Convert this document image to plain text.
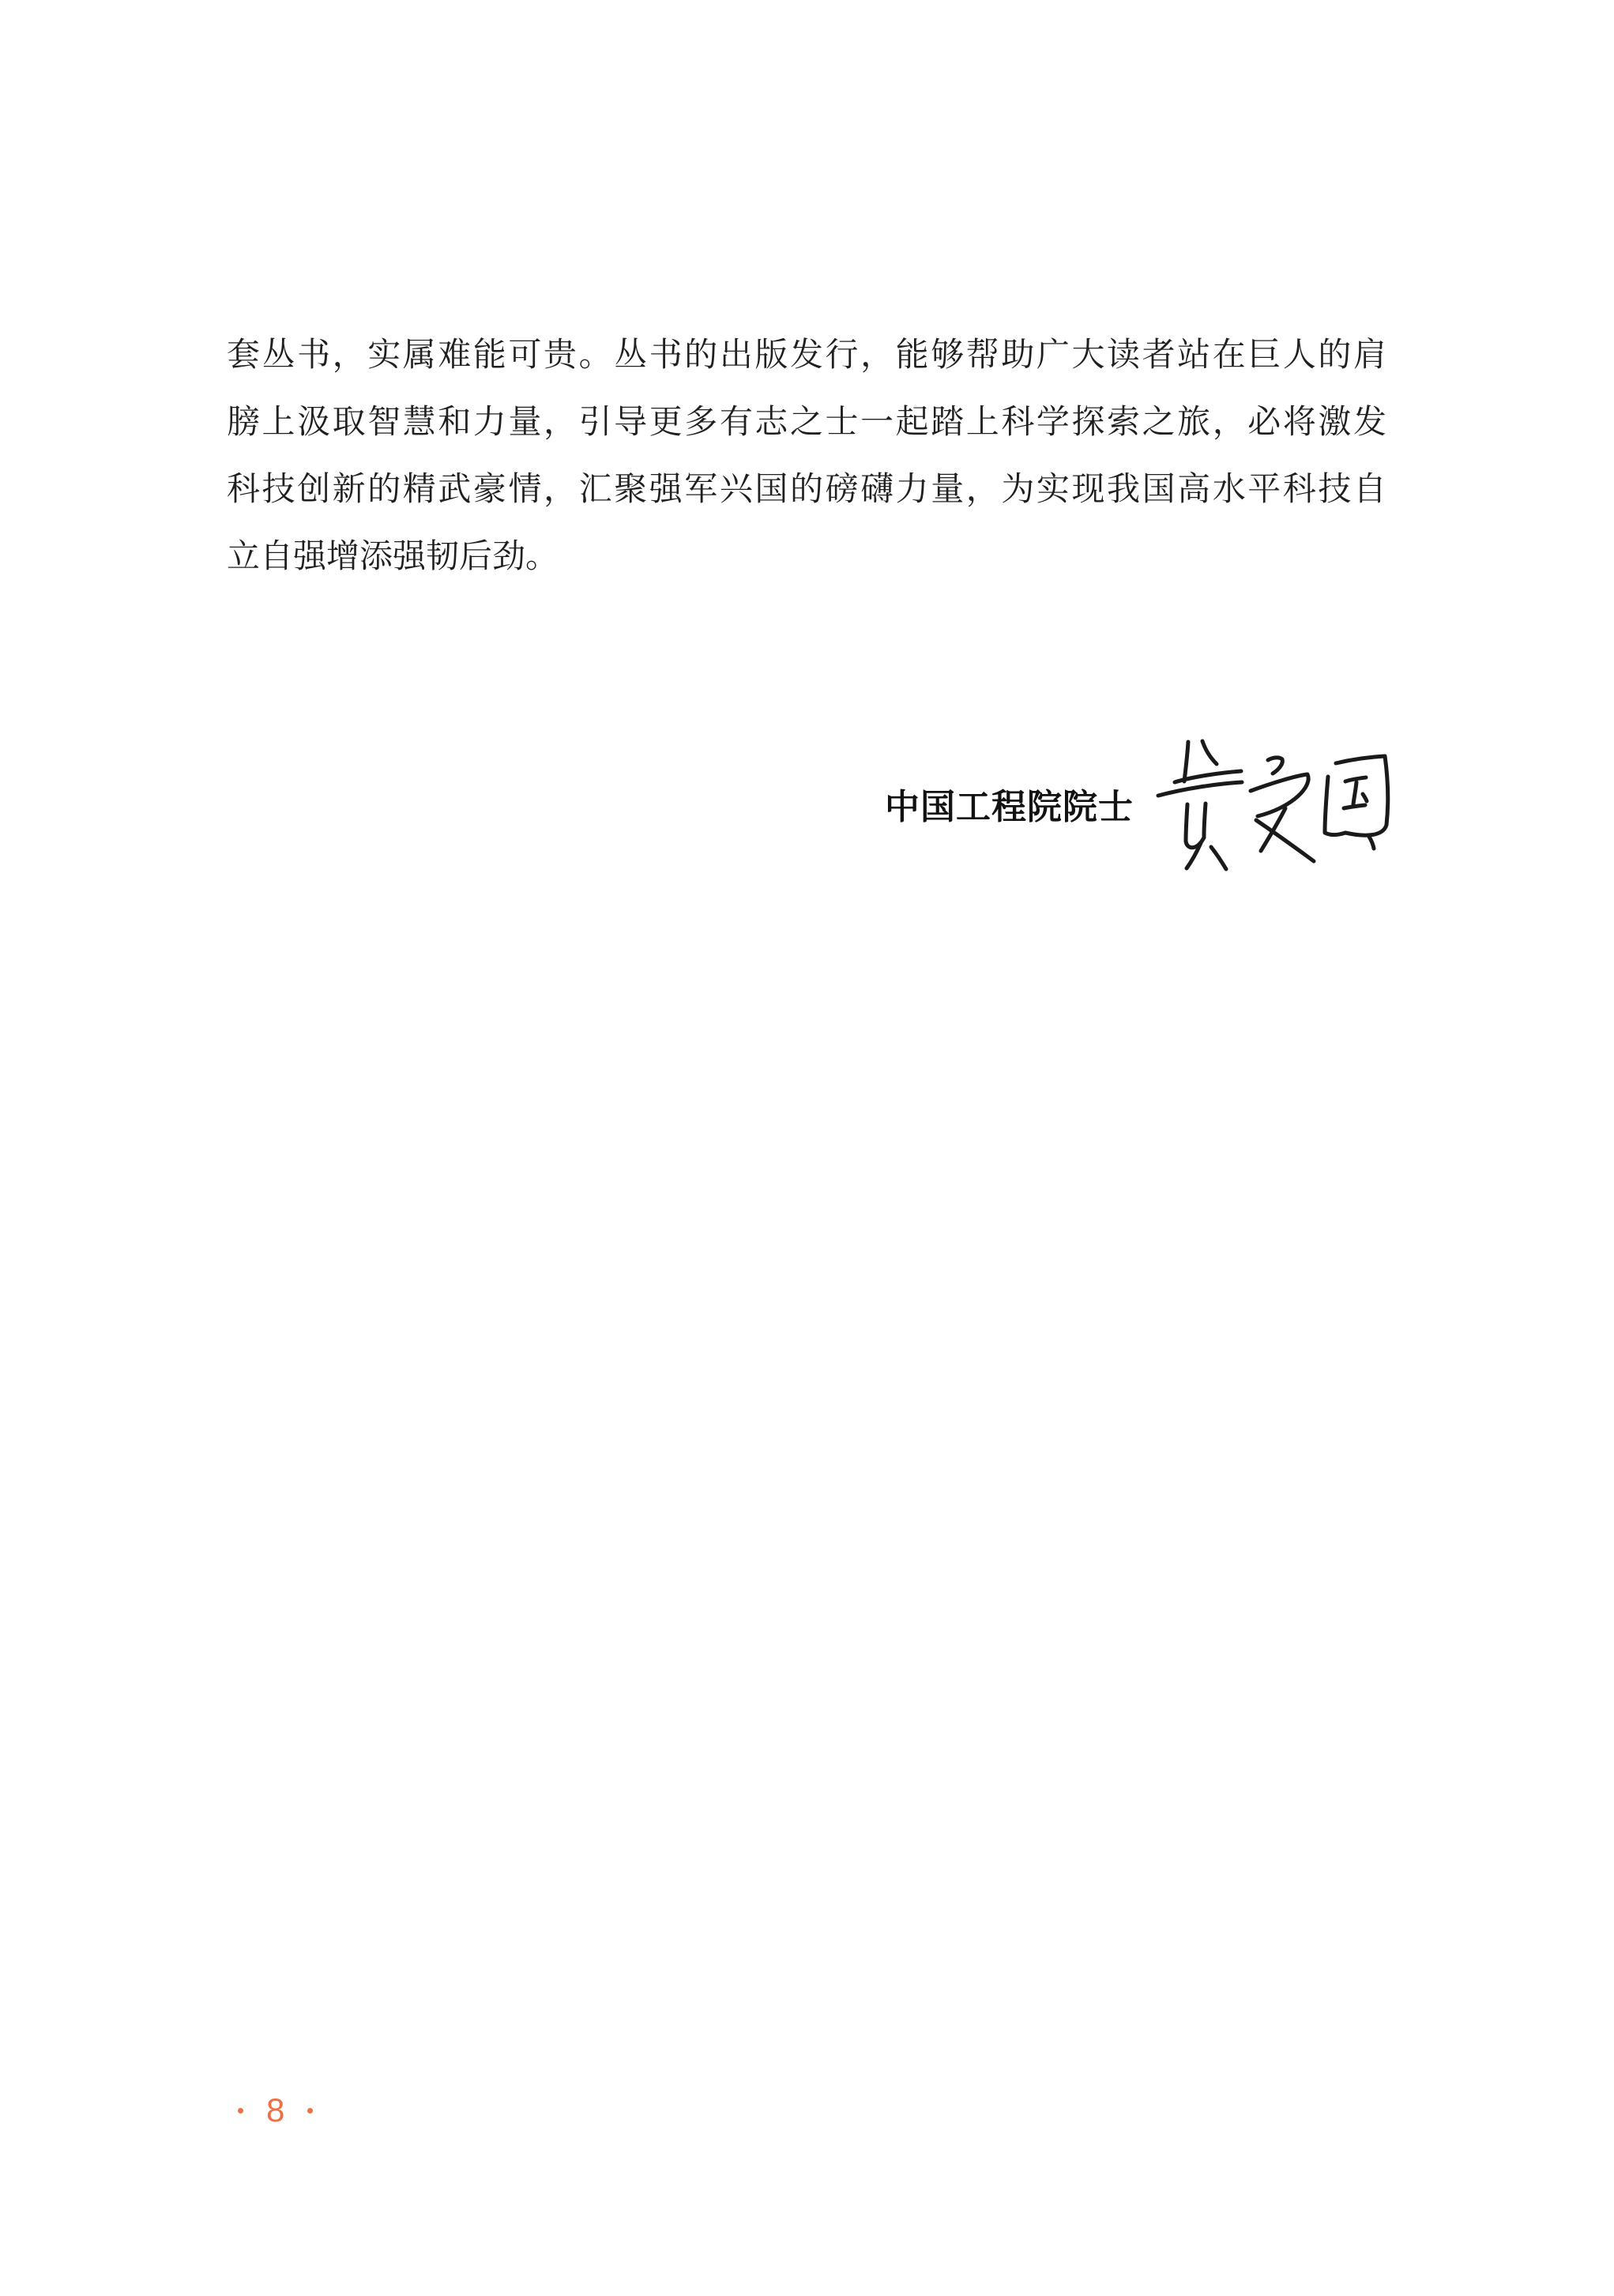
套丛书，实属难能可贵。丛书的出版发行，能够帮助广大读者站在巨人的肩
膀上汲取智慧和力量，引导更多有志之士一起踏上科学探索之旅，必将激发
科技创新的精武豪情，汇聚强军兴国的磅礴力量，为实现我国高水平科技自
立自强增添强韧后劲。
中国工程院院士
8
